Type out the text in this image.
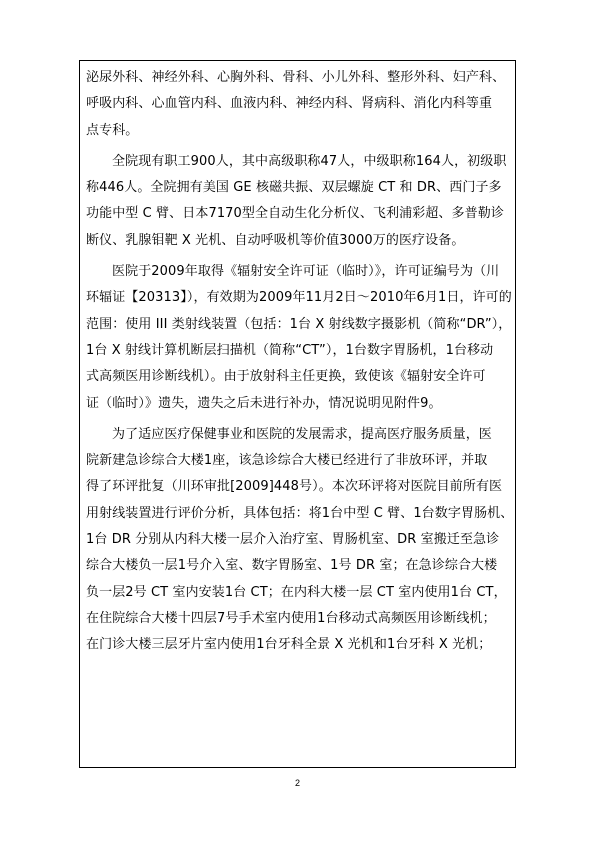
泌尿外科、神经外科、心胸外科、骨科、小儿外科、整形外科、妇产科、
呼吸内科、心血管内科、血液内科、神经内科、肾病科、消化内科等重
点专科。

全院现有职工900人，其中高级职称47人，中级职称164人，初级职
称446人。全院拥有美国 GE 核磁共振、双层螺旋 CT 和 DR、西门子多
功能中型 C 臂、日本7170型全自动生化分析仪、飞利浦彩超、多普勒诊
断仪、乳腺钼靶 X 光机、自动呼吸机等价值3000万的医疗设备。

医院于2009年取得《辐射安全许可证（临时）》，许可证编号为（川
环辐证【20313】），有效期为2009年11月2日～2010年6月1日，许可的
范围：使用 III 类射线装置（包括：1台 X 射线数字摄影机（简称“DR”），
1台 X 射线计算机断层扫描机（简称“CT”），1台数字胃肠机，1台移动
式高频医用诊断线机）。由于放射科主任更换，致使该《辐射安全许可
证（临时）》遗失，遗失之后未进行补办，情况说明见附件9。

为了适应医疗保健事业和医院的发展需求，提高医疗服务质量，医
院新建急诊综合大楼1座，该急诊综合大楼已经进行了非放环评，并取
得了环评批复（川环审批[2009]448号）。本次环评将对医院目前所有医
用射线装置进行评价分析，具体包括：将1台中型 C 臂、1台数字胃肠机、
1台 DR 分别从内科大楼一层介入治疗室、胃肠机室、DR 室搬迁至急诊
综合大楼负一层1号介入室、数字胃肠室、1号 DR 室；在急诊综合大楼
负一层2号 CT 室内安装1台 CT；在内科大楼一层 CT 室内使用1台 CT，
在住院综合大楼十四层7号手术室内使用1台移动式高频医用诊断线机；
在门诊大楼三层牙片室内使用1台牙科全景 X 光机和1台牙科 X 光机；

2
